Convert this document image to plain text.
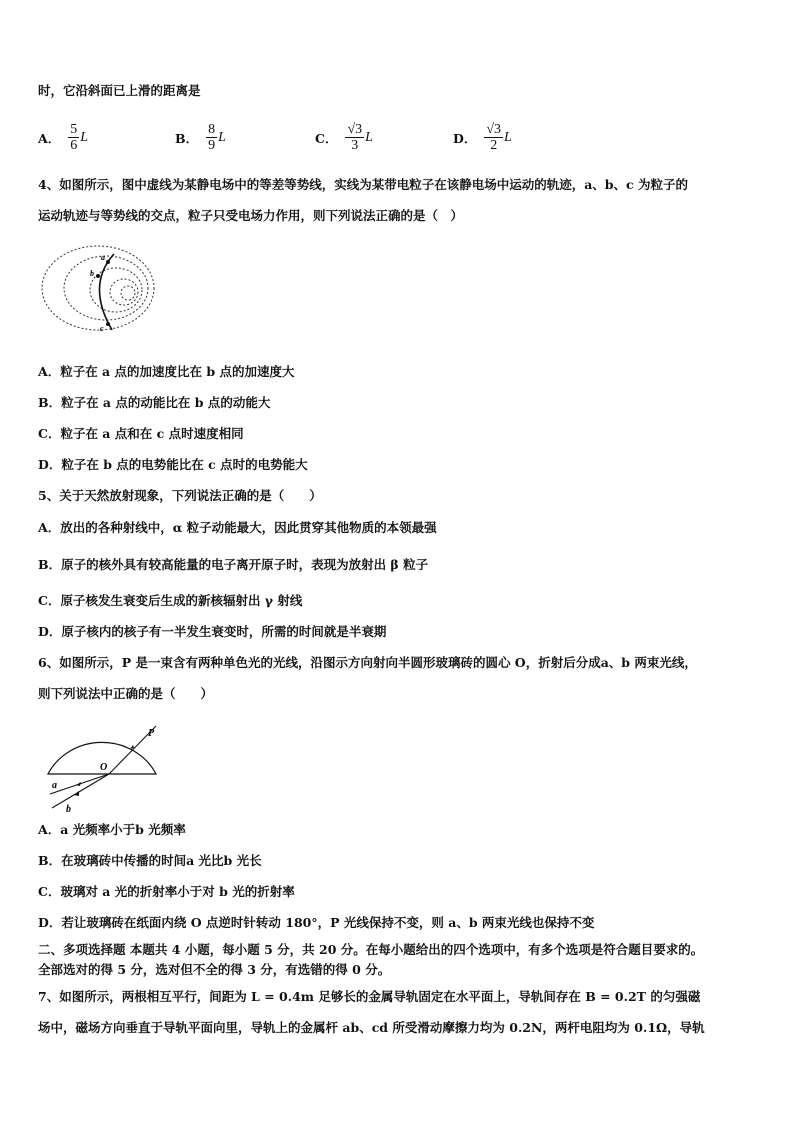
时，它沿斜面已上滑的距离是
A． $\frac{5}{6}$ L	B． $\frac{8}{9}$ L	C． $\frac{√3}{3}$ L	D． $\frac{√3}{2}$ L
4、如图所示，图中虚线为某静电场中的等差等势线，实线为某带电粒子在该静电场中运动的轨迹，a、b、c 为粒子的
运动轨迹与等势线的交点，粒子只受电场力作用，则下列说法正确的是（　）
a
b
c
A．粒子在 a 点的加速度比在 b 点的加速度大
B．粒子在 a 点的动能比在 b 点的动能大
C．粒子在 a 点和在 c 点时速度相同
D．粒子在 b 点的电势能比在 c 点时的电势能大
5、关于天然放射现象，下列说法正确的是（　　）
A．放出的各种射线中，α 粒子动能最大，因此贯穿其他物质的本领最强
B．原子的核外具有较高能量的电子离开原子时，表现为放射出 β 粒子
C．原子核发生衰变后生成的新核辐射出 γ 射线
D．原子核内的核子有一半发生衰变时，所需的时间就是半衰期
6、如图所示，P 是一束含有两种单色光的光线，沿图示方向射向半圆形玻璃砖的圆心 O，折射后分成a、b 两束光线，
则下列说法中正确的是（　　）
P
O
a
b
A．a 光频率小于b 光频率
B．在玻璃砖中传播的时间a 光比b 光长
C．玻璃对 a 光的折射率小于对 b 光的折射率
D．若让玻璃砖在纸面内绕 O 点逆时针转动 180°，P 光线保持不变，则 a、b 两束光线也保持不变
二、多项选择题 本题共 4 小题，每小题 5 分，共 20 分。在每小题给出的四个选项中，有多个选项是符合题目要求的。
全部选对的得 5 分，选对但不全的得 3 分，有选错的得 0 分。
7、如图所示，两根相互平行，间距为 L = 0.4m 足够长的金属导轨固定在水平面上，导轨间存在 B = 0.2T 的匀强磁
场中，磁场方向垂直于导轨平面向里，导轨上的金属杆 ab、cd 所受滑动摩擦力均为 0.2N，两杆电阻均为 0.1Ω，导轨
